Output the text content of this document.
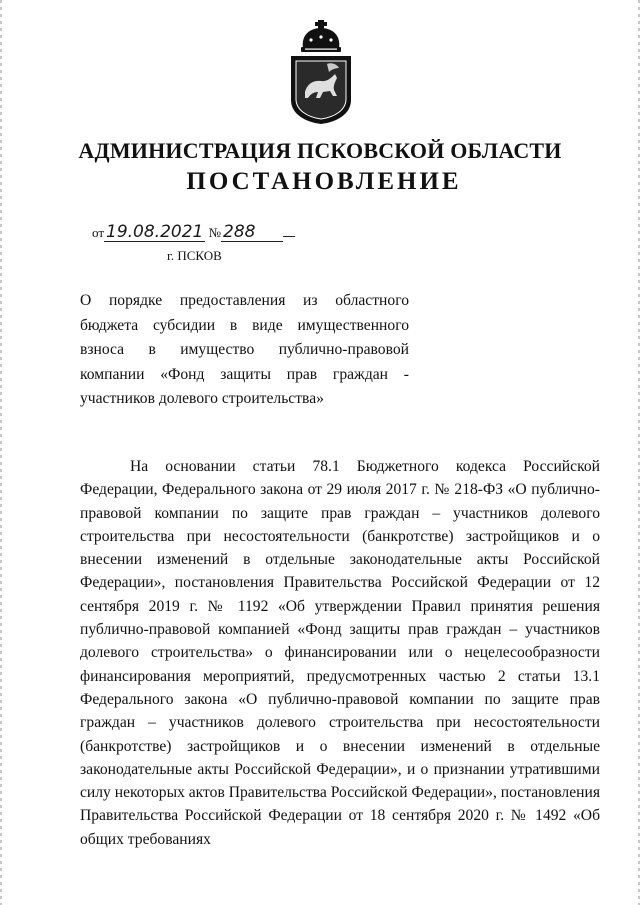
АДМИНИСТРАЦИЯ ПСКОВСКОЙ ОБЛАСТИ
ПОСТАНОВЛЕНИЕ
от 19.08.2021 № 288
г. ПСКОВ
О порядке предоставления из областного бюджета субсидии в виде имущественного взноса в имущество публично-правовой компании «Фонд защиты прав граждан - участников долевого строительства»

На основании статьи 78.1 Бюджетного кодекса Российской Федерации, Федерального закона от 29 июля 2017 г. № 218-ФЗ «О публично-правовой компании по защите прав граждан – участников долевого строительства при несостоятельности (банкротстве) застройщиков и о внесении изменений в отдельные законодательные акты Российской Федерации», постановления Правительства Российской Федерации от 12 сентября 2019 г. № 1192 «Об утверждении Правил принятия решения публично-правовой компанией «Фонд защиты прав граждан – участников долевого строительства» о финансировании или о нецелесообразности финансирования мероприятий, предусмотренных частью 2 статьи 13.1 Федерального закона «О публично-правовой компании по защите прав граждан – участников долевого строительства при несостоятельности (банкротстве) застройщиков и о внесении изменений в отдельные законодательные акты Российской Федерации», и о признании утратившими силу некоторых актов Правительства Российской Федерации», постановления Правительства Российской Федерации от 18 сентября 2020 г. № 1492 «Об общих требованиях
